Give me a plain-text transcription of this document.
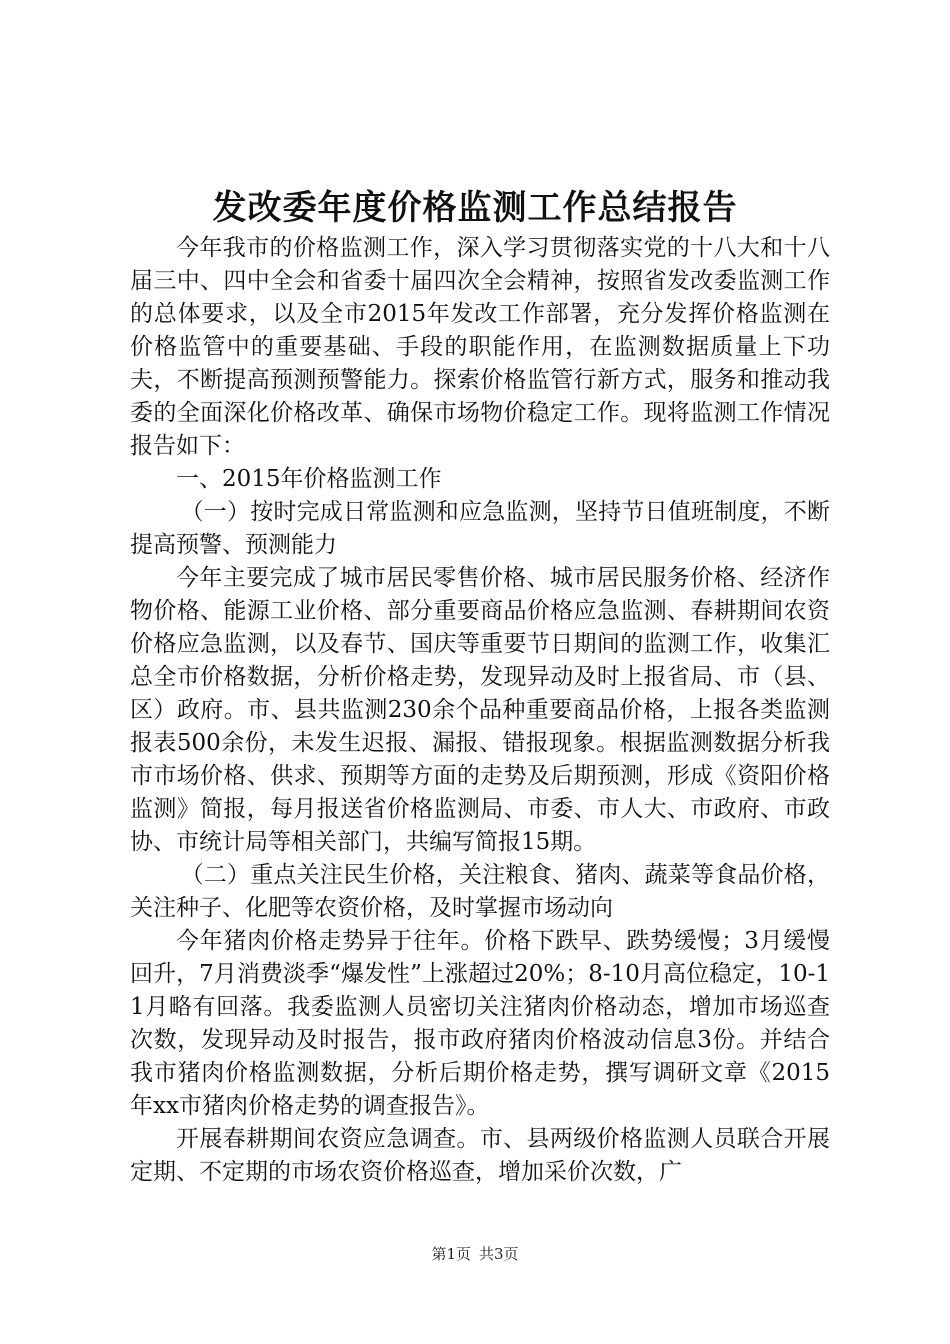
发改委年度价格监测工作总结报告

今年我市的价格监测工作，深入学习贯彻落实党的十八大和十八届三中、四中全会和省委十届四次全会精神，按照省发改委监测工作的总体要求，以及全市2015年发改工作部署，充分发挥价格监测在价格监管中的重要基础、手段的职能作用，在监测数据质量上下功夫，不断提高预测预警能力。探索价格监管行新方式，服务和推动我委的全面深化价格改革、确保市场物价稳定工作。现将监测工作情况报告如下：

一、2015年价格监测工作

（一）按时完成日常监测和应急监测，坚持节日值班制度，不断提高预警、预测能力

今年主要完成了城市居民零售价格、城市居民服务价格、经济作物价格、能源工业价格、部分重要商品价格应急监测、春耕期间农资价格应急监测，以及春节、国庆等重要节日期间的监测工作，收集汇总全市价格数据，分析价格走势，发现异动及时上报省局、市（县、区）政府。市、县共监测230余个品种重要商品价格，上报各类监测报表500余份，未发生迟报、漏报、错报现象。根据监测数据分析我市市场价格、供求、预期等方面的走势及后期预测，形成《资阳价格监测》简报，每月报送省价格监测局、市委、市人大、市政府、市政协、市统计局等相关部门，共编写简报15期。

（二）重点关注民生价格，关注粮食、猪肉、蔬菜等食品价格，关注种子、化肥等农资价格，及时掌握市场动向

今年猪肉价格走势异于往年。价格下跌早、跌势缓慢；3月缓慢回升，7月消费淡季“爆发性”上涨超过20%；8-10月高位稳定，10-11月略有回落。我委监测人员密切关注猪肉价格动态，增加市场巡查次数，发现异动及时报告，报市政府猪肉价格波动信息3份。并结合我市猪肉价格监测数据，分析后期价格走势，撰写调研文章《2015年xx市猪肉价格走势的调查报告》。

开展春耕期间农资应急调查。市、县两级价格监测人员联合开展定期、不定期的市场农资价格巡查，增加采价次数，广

第1页 共3页
